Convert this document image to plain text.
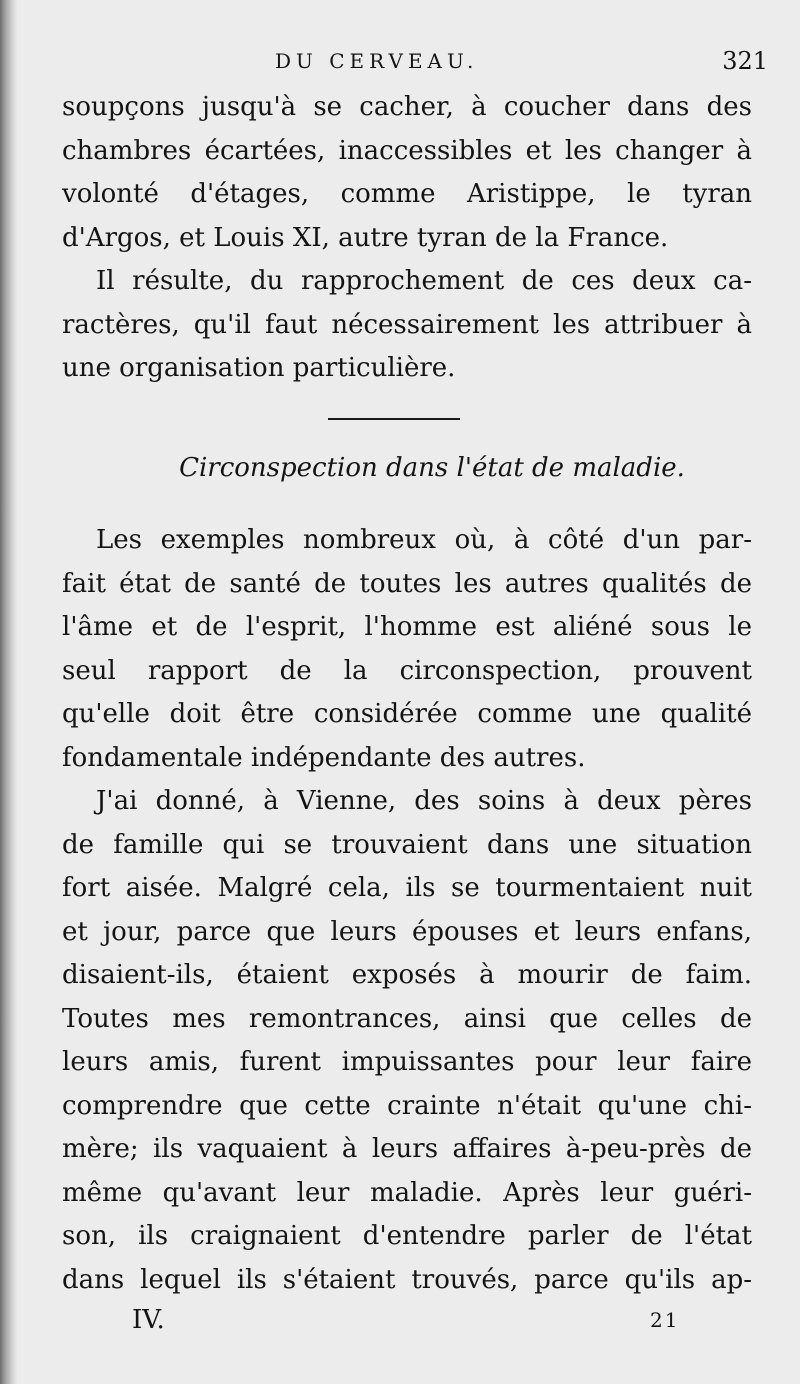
DU CERVEAU.	321
soupçons jusqu'à se cacher, à coucher dans des
chambres écartées, inaccessibles et les changer à
volonté d'étages, comme Aristippe, le tyran
d'Argos, et Louis XI, autre tyran de la France.
Il résulte, du rapprochement de ces deux ca-
ractères, qu'il faut nécessairement les attribuer à
une organisation particulière.
Circonspection dans l'état de maladie.
Les exemples nombreux où, à côté d'un par-
fait état de santé de toutes les autres qualités de
l'âme et de l'esprit, l'homme est aliéné sous le
seul rapport de la circonspection, prouvent
qu'elle doit être considérée comme une qualité
fondamentale indépendante des autres.
J'ai donné, à Vienne, des soins à deux pères
de famille qui se trouvaient dans une situation
fort aisée. Malgré cela, ils se tourmentaient nuit
et jour, parce que leurs épouses et leurs enfans,
disaient-ils, étaient exposés à mourir de faim.
Toutes mes remontrances, ainsi que celles de
leurs amis, furent impuissantes pour leur faire
comprendre que cette crainte n'était qu'une chi-
mère; ils vaquaient à leurs affaires à-peu-près de
même qu'avant leur maladie. Après leur guéri-
son, ils craignaient d'entendre parler de l'état
dans lequel ils s'étaient trouvés, parce qu'ils ap-
IV.	21
